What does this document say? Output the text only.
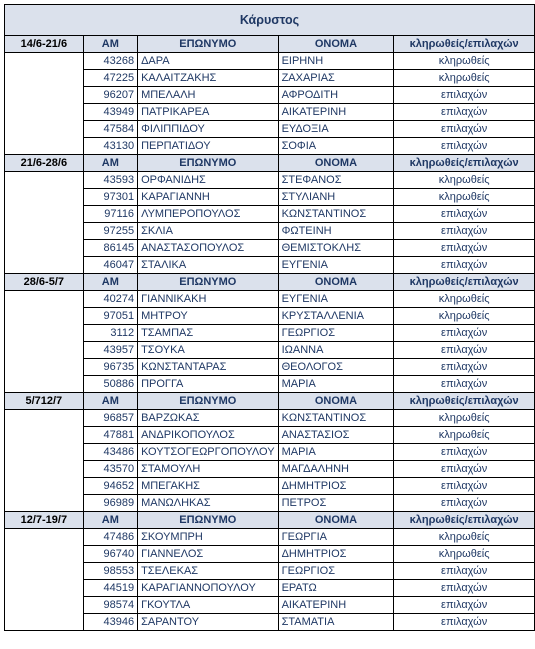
Κάρυστος				
14/6-21/6	ΑΜ	ΕΠΩΝΥΜΟ	ΟΝΟΜΑ	κληρωθείς/επιλαχών
	43268	ΔΑΡΑ	ΕΙΡΗΝΗ	κληρωθείς
	47225	ΚΑΛΑΙΤΖΑΚΗΣ	ΖΑΧΑΡΙΑΣ	κληρωθείς
	96207	ΜΠΕΛΑΛΗ	ΑΦΡΟΔΙΤΗ	επιλαχών
	43949	ΠΑΤΡΙΚΑΡΕΑ	ΑΙΚΑΤΕΡΙΝΗ	επιλαχών
	47584	ΦΙΛΙΠΠΙΔΟΥ	ΕΥΔΟΞΙΑ	επιλαχών
	43130	ΠΕΡΠΑΤΙΔΟΥ	ΣΟΦΙΑ	επιλαχών
21/6-28/6	ΑΜ	ΕΠΩΝΥΜΟ	ΟΝΟΜΑ	κληρωθείς/επιλαχών
	43593	ΟΡΦΑΝΙΔΗΣ	ΣΤΕΦΑΝΟΣ	κληρωθείς
	97301	ΚΑΡΑΓΙΑΝΝΗ	ΣΤΥΛΙΑΝΗ	κληρωθείς
	97116	ΛΥΜΠΕΡΟΠΟΥΛΟΣ	ΚΩΝΣΤΑΝΤΙΝΟΣ	επιλαχών
	97255	ΣΚΛΙΑ	ΦΩΤΕΙΝΗ	επιλαχών
	86145	ΑΝΑΣΤΑΣΟΠΟΥΛΟΣ	ΘΕΜΙΣΤΟΚΛΗΣ	επιλαχών
	46047	ΣΤΑΛΙΚΑ	ΕΥΓΕΝΙΑ	επιλαχών
28/6-5/7	ΑΜ	ΕΠΩΝΥΜΟ	ΟΝΟΜΑ	κληρωθείς/επιλαχών
	40274	ΓΙΑΝΝΙΚΑΚΗ	ΕΥΓΕΝΙΑ	κληρωθείς
	97051	ΜΗΤΡΟΥ	ΚΡΥΣΤΑΛΛΕΝΙΑ	κληρωθείς
	3112	ΤΣΑΜΠΑΣ	ΓΕΩΡΓΙΟΣ	επιλαχών
	43957	ΤΣΟΥΚΑ	ΙΩΑΝΝΑ	επιλαχών
	96735	ΚΩΝΣΤΑΝΤΑΡΑΣ	ΘΕΟΛΟΓΟΣ	επιλαχών
	50886	ΠΡΟΓΓΑ	ΜΑΡΙΑ	επιλαχών
5/712/7	ΑΜ	ΕΠΩΝΥΜΟ	ΟΝΟΜΑ	κληρωθείς/επιλαχών
	96857	ΒΑΡΖΩΚΑΣ	ΚΩΝΣΤΑΝΤΙΝΟΣ	κληρωθείς
	47881	ΑΝΔΡΙΚΟΠΟΥΛΟΣ	ΑΝΑΣΤΑΣΙΟΣ	κληρωθείς
	43486	ΚΟΥΤΣΟΓΕΩΡΓΟΠΟΥΛΟΥ	ΜΑΡΙΑ	επιλαχών
	43570	ΣΤΑΜΟΥΛΗ	ΜΑΓΔΑΛΗΝΗ	επιλαχών
	94652	ΜΠΕΓΑΚΗΣ	ΔΗΜΗΤΡΙΟΣ	επιλαχών
	96989	ΜΑΝΩΛΗΚΑΣ	ΠΕΤΡΟΣ	επιλαχών
12/7-19/7	ΑΜ	ΕΠΩΝΥΜΟ	ΟΝΟΜΑ	κληρωθείς/επιλαχών
	47486	ΣΚΟΥΜΠΡΗ	ΓΕΩΡΓΙΑ	κληρωθείς
	96740	ΓΙΑΝΝΕΛΟΣ	ΔΗΜΗΤΡΙΟΣ	κληρωθείς
	98553	ΤΣΕΛΕΚΑΣ	ΓΕΩΡΓΙΟΣ	επιλαχών
	44519	ΚΑΡΑΓΙΑΝΝΟΠΟΥΛΟΥ	ΕΡΑΤΩ	επιλαχών
	98574	ΓΚΟΥΤΛΑ	ΑΙΚΑΤΕΡΙΝΗ	επιλαχών
	43946	ΣΑΡΑΝΤΟΥ	ΣΤΑΜΑΤΙΑ	επιλαχών
